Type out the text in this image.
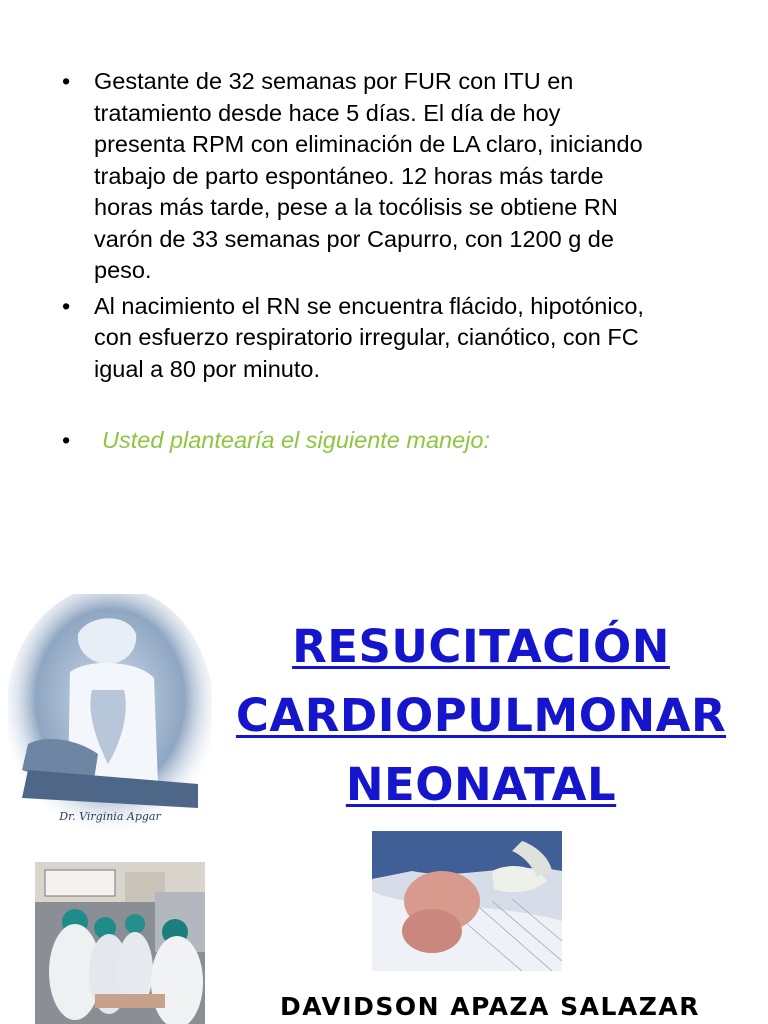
• Gestante de 32 semanas por FUR con ITU en
tratamiento desde hace 5 días. El día de hoy
presenta RPM con eliminación de LA claro, iniciando
trabajo de parto espontáneo. 12 horas más tarde
horas más tarde, pese a la tocólisis se obtiene RN
varón de 33 semanas por Capurro, con 1200 g de
peso.
• Al nacimiento el RN se encuentra flácido, hipotónico,
con esfuerzo respiratorio irregular, cianótico, con FC
igual a 80 por minuto.
• Usted plantearía el siguiente manejo:
Dr. Virginia Apgar
RESUCITACIÓN
CARDIOPULMONAR
NEONATAL
DAVIDSON APAZA SALAZAR
